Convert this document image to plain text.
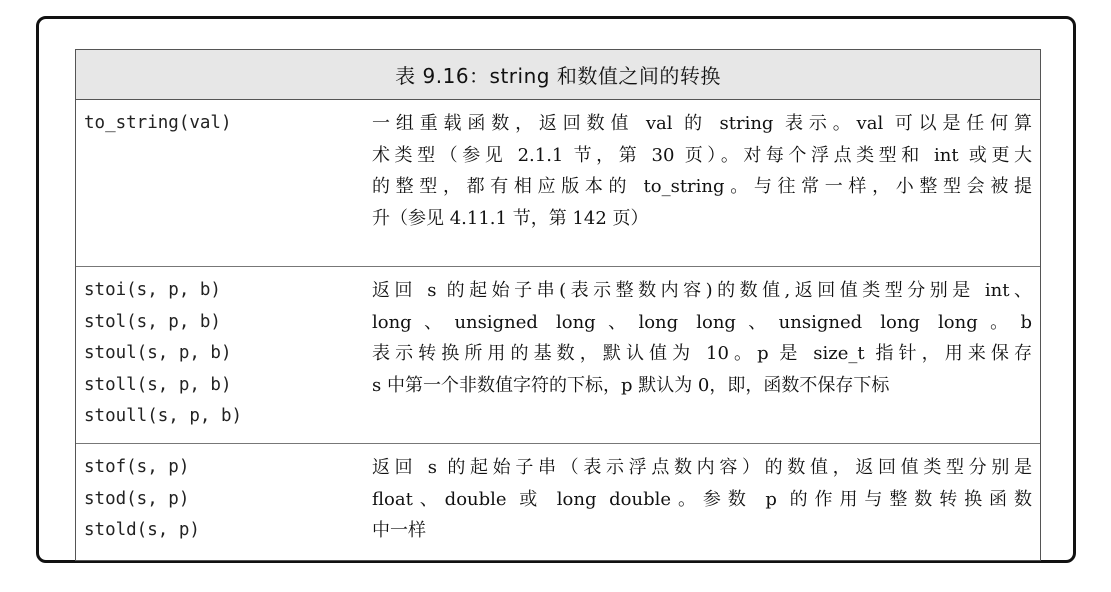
表 9.16：string 和数值之间的转换
to_string(val)	一组重载函数，返回数值 val 的 string 表示。val 可以是任何算
术类型（参见 2.1.1 节，第 30 页）。对每个浮点类型和 int 或更大
的整型，都有相应版本的 to_string。与往常一样，小整型会被提
升（参见 4.11.1 节，第 142 页）
stoi(s, p, b)
stol(s, p, b)
stoul(s, p, b)
stoll(s, p, b)
stoull(s, p, b)
返回 s 的起始子串(表示整数内容)的数值,返回值类型分别是 int、
long、unsigned long、long long、unsigned long long。b
表示转换所用的基数，默认值为 10。p 是 size_t 指针，用来保存
s 中第一个非数值字符的下标，p 默认为 0，即，函数不保存下标
stof(s, p)
stod(s, p)
stold(s, p)
返回 s 的起始子串（表示浮点数内容）的数值，返回值类型分别是
float、double 或 long double。参数 p 的作用与整数转换函数
中一样
